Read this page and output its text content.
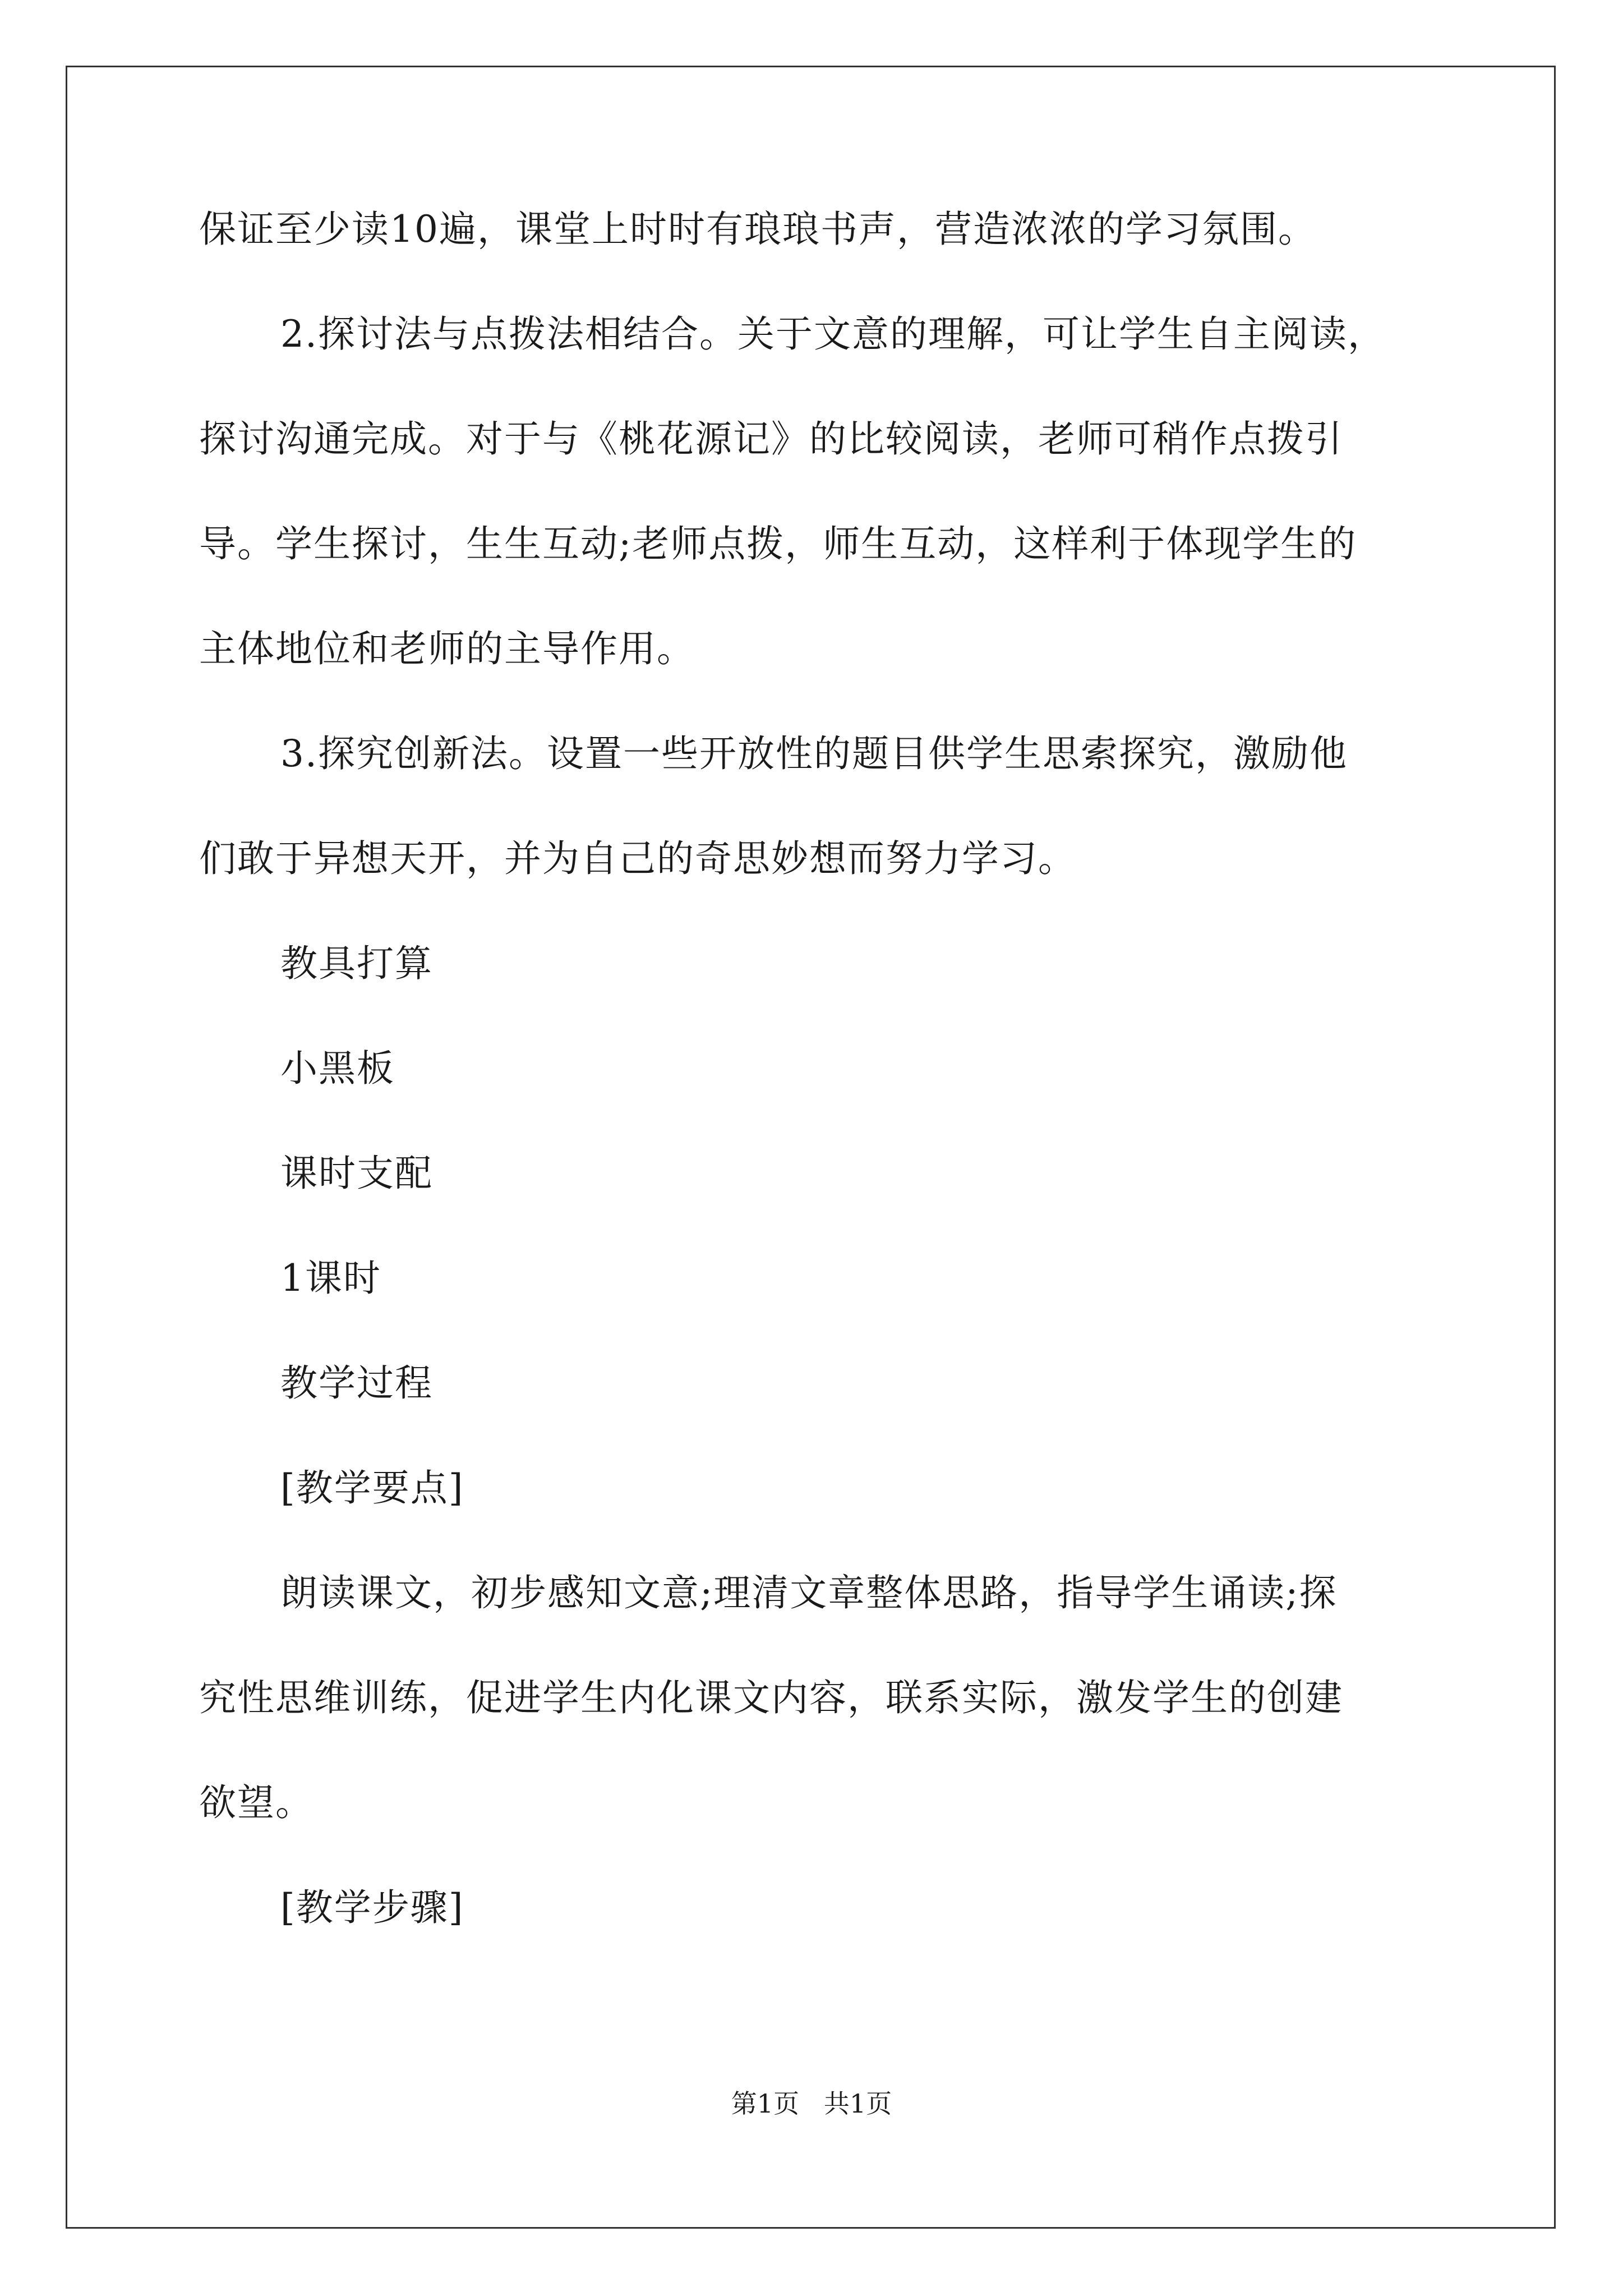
保证至少读10遍，课堂上时时有琅琅书声，营造浓浓的学习氛围。
2.探讨法与点拨法相结合。关于文意的理解，可让学生自主阅读，
探讨沟通完成。对于与《桃花源记》的比较阅读，老师可稍作点拨引
导。学生探讨，生生互动;老师点拨，师生互动，这样利于体现学生的
主体地位和老师的主导作用。
3.探究创新法。设置一些开放性的题目供学生思索探究，激励他
们敢于异想天开，并为自己的奇思妙想而努力学习。
教具打算
小黑板
课时支配
1课时
教学过程
[教学要点]
朗读课文，初步感知文意;理清文章整体思路，指导学生诵读;探
究性思维训练，促进学生内化课文内容，联系实际，激发学生的创建
欲望。
[教学步骤]
第1页   共1页
